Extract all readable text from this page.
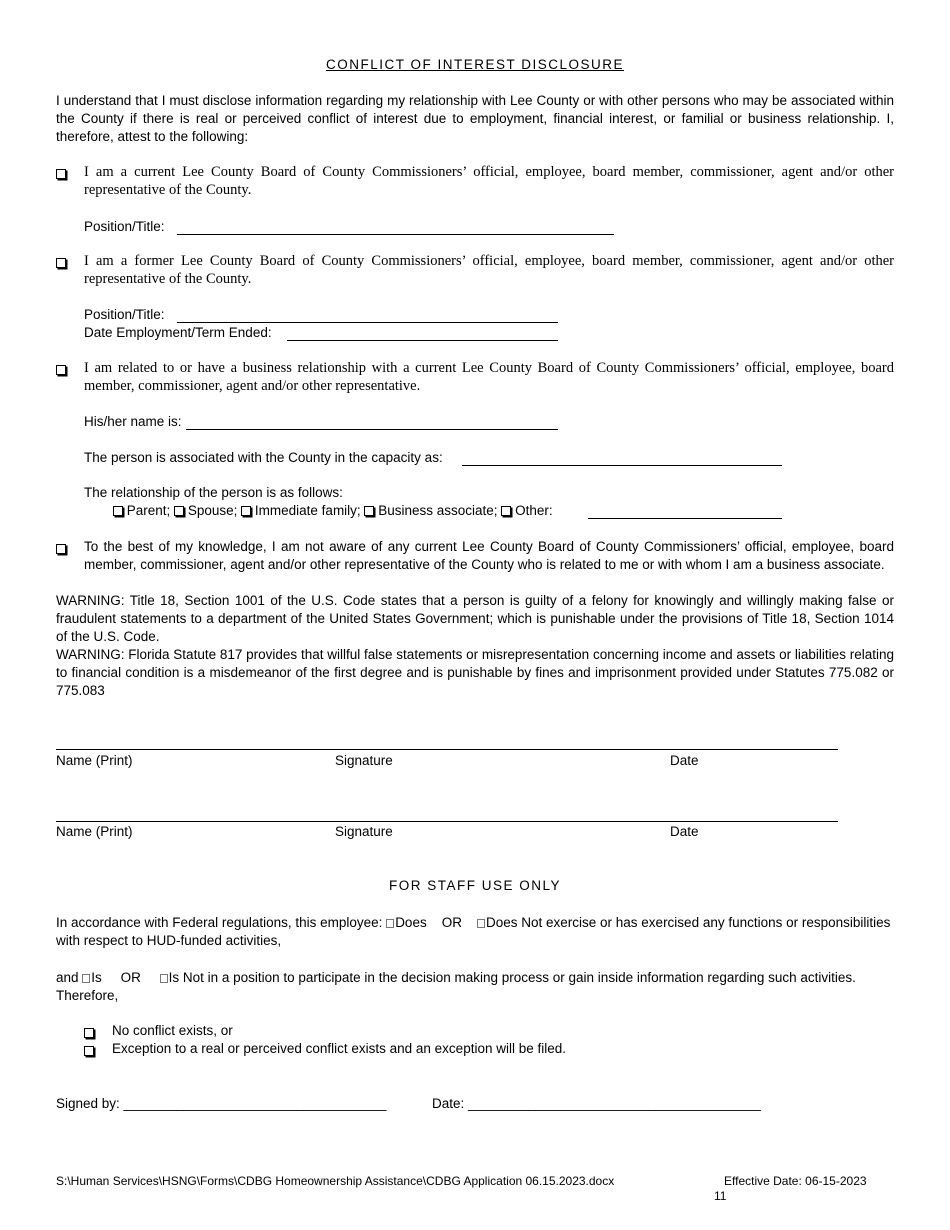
CONFLICT OF INTEREST DISCLOSURE
I understand that I must disclose information regarding my relationship with Lee County or with other persons who may be associated within the County if there is real or perceived conflict of interest due to employment, financial interest, or familial or business relationship. I, therefore, attest to the following:
I am a current Lee County Board of County Commissioners’ official, employee, board member, commissioner, agent and/or other representative of the County.
Position/Title:
I am a former Lee County Board of County Commissioners’ official, employee, board member, commissioner, agent and/or other representative of the County.
Position/Title:
Date Employment/Term Ended:
I am related to or have a business relationship with a current Lee County Board of County Commissioners’ official, employee, board member, commissioner, agent and/or other representative.
His/her name is:
The person is associated with the County in the capacity as:
The relationship of the person is as follows:
Parent; Spouse; Immediate family; Business associate; Other:
To the best of my knowledge, I am not aware of any current Lee County Board of County Commissioners’ official, employee, board member, commissioner, agent and/or other representative of the County who is related to me or with whom I am a business associate.
WARNING: Title 18, Section 1001 of the U.S. Code states that a person is guilty of a felony for knowingly and willingly making false or fraudulent statements to a department of the United States Government; which is punishable under the provisions of Title 18, Section 1014 of the U.S. Code.
WARNING: Florida Statute 817 provides that willful false statements or misrepresentation concerning income and assets or liabilities relating to financial condition is a misdemeanor of the first degree and is punishable by fines and imprisonment provided under Statutes 775.082 or 775.083
Name (Print)	Signature	Date
Name (Print)	Signature	Date
FOR STAFF USE ONLY
In accordance with Federal regulations, this employee: Does OR Does Not exercise or has exercised any functions or responsibilities with respect to HUD-funded activities,
and Is OR Is Not in a position to participate in the decision making process or gain inside information regarding such activities. Therefore,
No conflict exists, or
Exception to a real or perceived conflict exists and an exception will be filed.
Signed by: ___________________________________	Date: _______________________________________
S:\Human Services\HSNG\Forms\CDBG Homeownership Assistance\CDBG Application 06.15.2023.docx	Effective Date: 06-15-2023
11
